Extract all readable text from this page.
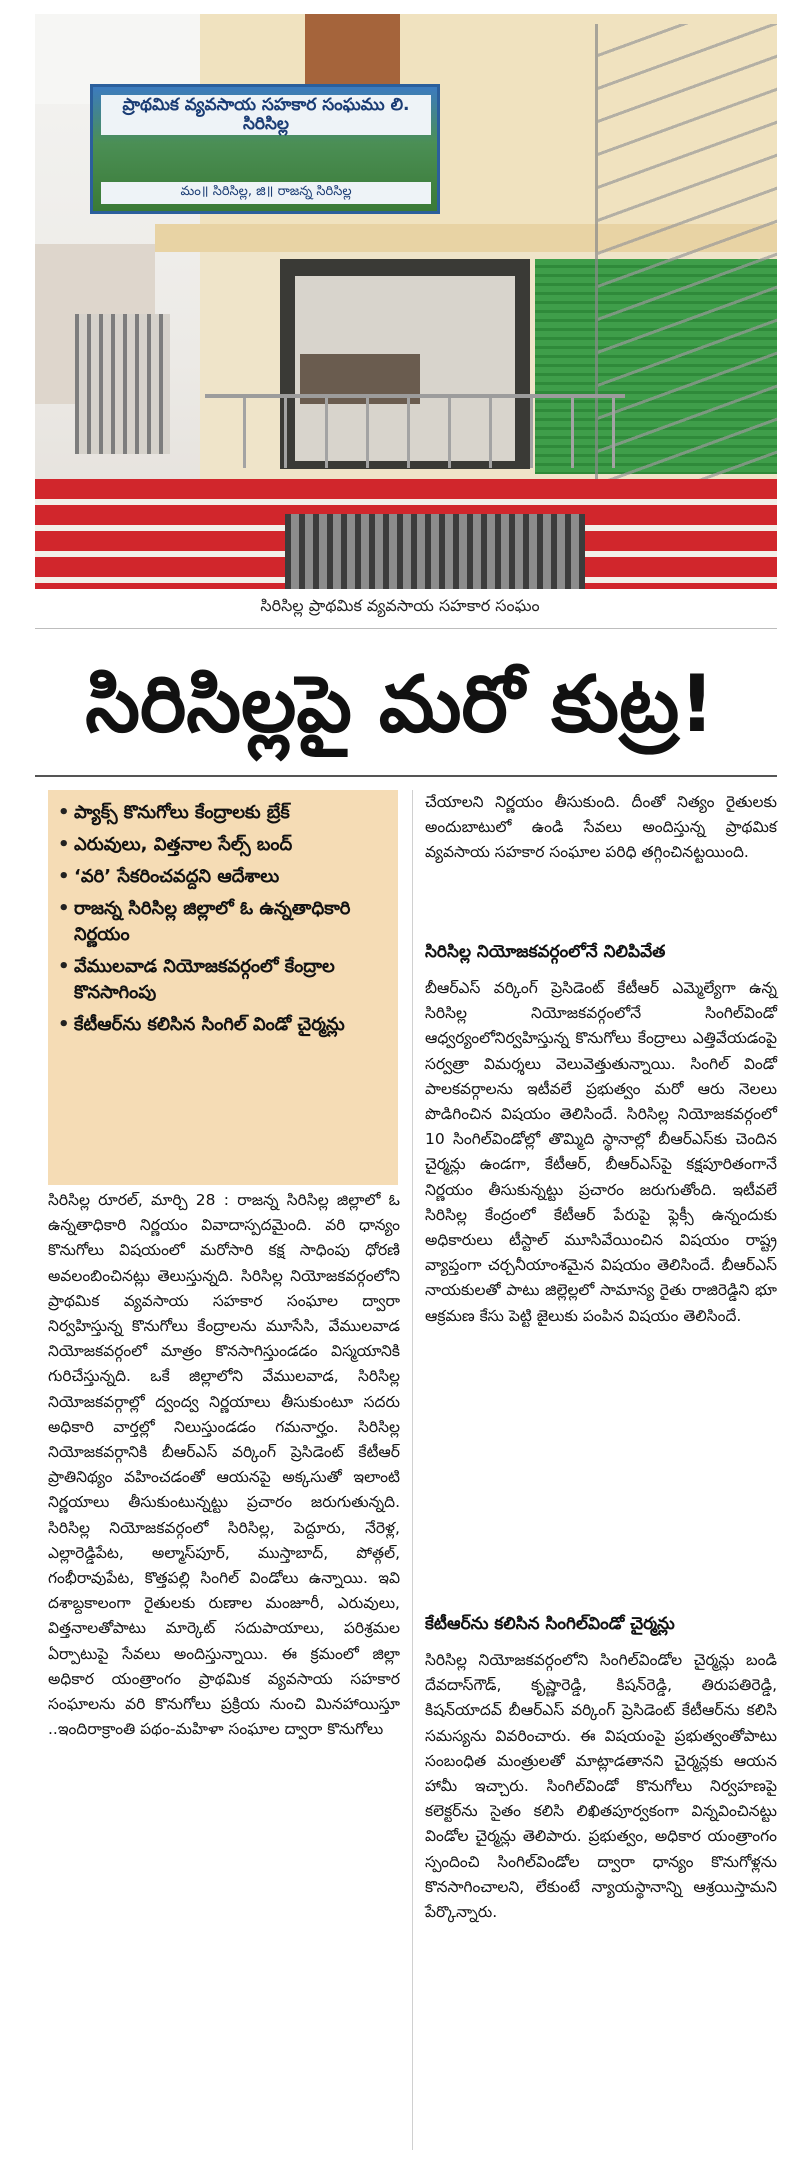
ప్రాథమిక వ్యవసాయ సహకార సంఘము లి. సిరిసిల్ల
మం॥ సిరిసిల్ల, జి॥ రాజన్న సిరిసిల్ల
సిరిసిల్ల ప్రాథమిక వ్యవసాయ సహకార సంఘం
సిరిసిల్లపై మరో కుట్ర!
• ప్యాక్స్ కొనుగోలు కేంద్రాలకు బ్రేక్
• ఎరువులు, విత్తనాల సేల్స్ బంద్
• ‘వరి’ సేకరించవద్దని ఆదేశాలు
• రాజన్న సిరిసిల్ల జిల్లాలో ఓ ఉన్నతాధికారి నిర్ణయం
• వేములవాడ నియోజకవర్గంలో కేంద్రాల కొనసాగింపు
• కేటీఆర్‌ను కలిసిన సింగిల్ విండో చైర్మన్లు
సిరిసిల్ల రూరల్, మార్చి 28 : రాజన్న సిరిసిల్ల జిల్లాలో ఓ ఉన్నతాధికారి నిర్ణయం వివాదాస్పదమైంది. వరి ధాన్యం కొనుగోలు విషయంలో మరోసారి కక్ష సాధింపు ధోరణి అవలంబించినట్లు తెలుస్తున్నది. సిరిసిల్ల నియోజకవర్గంలోని ప్రాథమిక వ్యవసాయ సహకార సంఘాల ద్వారా నిర్వహిస్తున్న కొనుగోలు కేంద్రాలను మూసేసి, వేములవాడ నియోజకవర్గంలో మాత్రం కొనసాగిస్తుండడం విస్మయానికి గురిచేస్తున్నది. ఒకే జిల్లాలోని వేములవాడ, సిరిసిల్ల నియోజకవర్గాల్లో ద్వంద్వ నిర్ణయాలు తీసుకుంటూ సదరు అధికారి వార్తల్లో నిలుస్తుండడం గమనార్హం. సిరిసిల్ల నియోజకవర్గానికి బీఆర్‌ఎస్ వర్కింగ్ ప్రెసిడెంట్ కేటీఆర్ ప్రాతినిథ్యం వహించడంతో ఆయనపై అక్కసుతో ఇలాంటి నిర్ణయాలు తీసుకుంటున్నట్టు ప్రచారం జరుగుతున్నది. సిరిసిల్ల నియోజకవర్గంలో సిరిసిల్ల, పెద్దూరు, నేరెళ్ల, ఎల్లారెడ్డిపేట, అల్మాస్‌పూర్, ముస్తాబాద్, పోత్గల్, గంభీరావుపేట, కొత్తపల్లి సింగిల్ విండోలు ఉన్నాయి. ఇవి దశాబ్దకాలంగా రైతులకు రుణాల మంజూరీ, ఎరువులు, విత్తనాలతోపాటు మార్కెట్ సదుపాయాలు, పరిశ్రమల ఏర్పాటుపై సేవలు అందిస్తున్నాయి. ఈ క్రమంలో జిల్లా అధికార యంత్రాంగం ప్రాథమిక వ్యవసాయ సహకార సంఘాలను వరి కొనుగోలు ప్రక్రియ నుంచి మినహాయిస్తూ ..ఇందిరాక్రాంతి పథం-మహిళా సంఘాల ద్వారా కొనుగోలు
చేయాలని నిర్ణయం తీసుకుంది. దీంతో నిత్యం రైతులకు అందుబాటులో ఉండి సేవలు అందిస్తున్న ప్రాథమిక వ్యవసాయ సహకార సంఘాల పరిధి తగ్గించినట్టయింది.
సిరిసిల్ల నియోజకవర్గంలోనే నిలిపివేత
బీఆర్‌ఎస్ వర్కింగ్ ప్రెసిడెంట్ కేటీఆర్ ఎమ్మెల్యేగా ఉన్న సిరిసిల్ల నియోజకవర్గంలోనే సింగిల్‌విండో ఆధ్వర్యంలోనిర్వహిస్తున్న కొనుగోలు కేంద్రాలు ఎత్తివేయడంపై సర్వత్రా విమర్శలు వెలువెత్తుతున్నాయి. సింగిల్ విండో పాలకవర్గాలను ఇటీవలే ప్రభుత్వం మరో ఆరు నెలలు పొడిగించిన విషయం తెలిసిందే. సిరిసిల్ల నియోజకవర్గంలో 10 సింగిల్‌విండోల్లో తొమ్మిది స్థానాల్లో బీఆర్‌ఎస్‌కు చెందిన చైర్మన్లు ఉండగా, కేటీఆర్, బీఆర్‌ఎస్‌పై కక్షపూరితంగానే నిర్ణయం తీసుకున్నట్టు ప్రచారం జరుగుతోంది. ఇటీవలే సిరిసిల్ల కేంద్రంలో కేటీఆర్ పేరుపై ఫ్లెక్సీ ఉన్నందుకు అధికారులు టీస్టాల్ మూసివేయించిన విషయం రాష్ట్ర వ్యాప్తంగా చర్చనీయాంశమైన విషయం తెలిసిందే. బీఆర్‌ఎస్ నాయకులతో పాటు జిల్లెల్లలో సామాన్య రైతు రాజిరెడ్డిని భూ ఆక్రమణ కేసు పెట్టి జైలుకు పంపిన విషయం తెలిసిందే.
కేటీఆర్‌ను కలిసిన సింగిల్‌విండో చైర్మన్లు
సిరిసిల్ల నియోజకవర్గంలోని సింగిల్‌విండోల చైర్మన్లు బండి దేవదాస్‌గౌడ్, కృష్ణారెడ్డి, కిషన్‌రెడ్డి, తిరుపతిరెడ్డి, కిషన్‌యాదవ్ బీఆర్‌ఎస్ వర్కింగ్ ప్రెసిడెంట్ కేటీఆర్‌ను కలిసి సమస్యను వివరించారు. ఈ విషయంపై ప్రభుత్వంతోపాటు సంబంధిత మంత్రులతో మాట్లాడతానని చైర్మన్లకు ఆయన హామీ ఇచ్చారు. సింగిల్‌విండో కొనుగోలు నిర్వహణపై కలెక్టర్‌ను సైతం కలిసి లిఖితపూర్వకంగా విన్నవించినట్టు విండోల చైర్మన్లు తెలిపారు. ప్రభుత్వం, అధికార యంత్రాంగం స్పందించి సింగిల్‌విండోల ద్వారా ధాన్యం కొనుగోళ్లను కొనసాగించాలని, లేకుంటే న్యాయస్థానాన్ని ఆశ్రయిస్తామని పేర్కొన్నారు.
